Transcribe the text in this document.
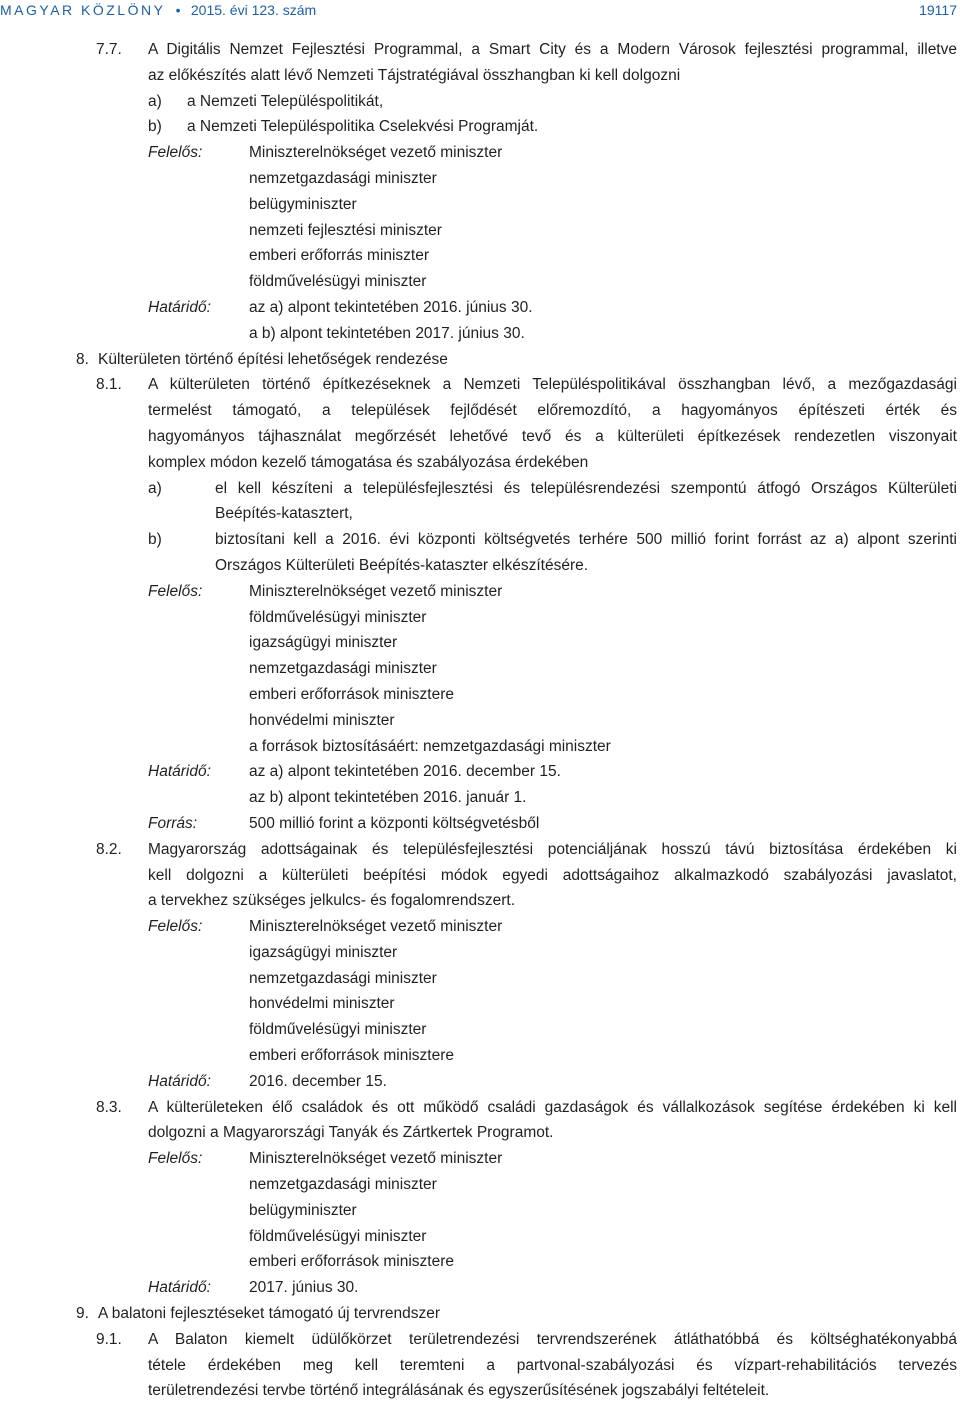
MAGYAR KÖZLÖNY • 2015. évi 123. szám	19117
7.7. A Digitális Nemzet Fejlesztési Programmal, a Smart City és a Modern Városok fejlesztési programmal, illetve
az előkészítés alatt lévő Nemzeti Tájstratégiával összhangban ki kell dolgozni
a) a Nemzeti Településpolitikát,
b) a Nemzeti Településpolitika Cselekvési Programját.
Felelős:	Miniszterelnökséget vezető miniszter
nemzetgazdasági miniszter
belügyminiszter
nemzeti fejlesztési miniszter
emberi erőforrás miniszter
földművelésügyi miniszter
Határidő: az a) alpont tekintetében 2016. június 30.
a b) alpont tekintetében 2017. június 30.
8. Külterületen történő építési lehetőségek rendezése
8.1. A külterületen történő építkezéseknek a Nemzeti Településpolitikával összhangban lévő, a mezőgazdasági
termelést támogató, a települések fejlődését előremozdító, a hagyományos építészeti érték és
hagyományos tájhasználat megőrzését lehetővé tevő és a külterületi építkezések rendezetlen viszonyait
komplex módon kezelő támogatása és szabályozása érdekében
a)	el kell készíteni a településfejlesztési és településrendezési szempontú átfogó Országos Külterületi
Beépítés-katasztert,
b)	biztosítani kell a 2016. évi központi költségvetés terhére 500 millió forint forrást az a) alpont szerinti
Országos Külterületi Beépítés-kataszter elkészítésére.
Felelős:	Miniszterelnökséget vezető miniszter
földművelésügyi miniszter
igazságügyi miniszter
nemzetgazdasági miniszter
emberi erőforrások minisztere
honvédelmi miniszter
a források biztosításáért: nemzetgazdasági miniszter
Határidő: az a) alpont tekintetében 2016. december 15.
az b) alpont tekintetében 2016. január 1.
Forrás:	500 millió forint a központi költségvetésből
8.2. Magyarország adottságainak és településfejlesztési potenciáljának hosszú távú biztosítása érdekében ki
kell dolgozni a külterületi beépítési módok egyedi adottságaihoz alkalmazkodó szabályozási javaslatot,
a tervekhez szükséges jelkulcs- és fogalomrendszert.
Felelős:	Miniszterelnökséget vezető miniszter
igazságügyi miniszter
nemzetgazdasági miniszter
honvédelmi miniszter
földművelésügyi miniszter
emberi erőforrások minisztere
Határidő: 2016. december 15.
8.3. A külterületeken élő családok és ott működő családi gazdaságok és vállalkozások segítése érdekében ki kell
dolgozni a Magyarországi Tanyák és Zártkertek Programot.
Felelős:	Miniszterelnökséget vezető miniszter
nemzetgazdasági miniszter
belügyminiszter
földművelésügyi miniszter
emberi erőforrások minisztere
Határidő: 2017. június 30.
9. A balatoni fejlesztéseket támogató új tervrendszer
9.1. A Balaton kiemelt üdülőkörzet területrendezési tervrendszerének átláthatóbbá és költséghatékonyabbá
tétele érdekében meg kell teremteni a partvonal-szabályozási és vízpart-rehabilitációs tervezés
területrendezési tervbe történő integrálásának és egyszerűsítésének jogszabályi feltételeit.
